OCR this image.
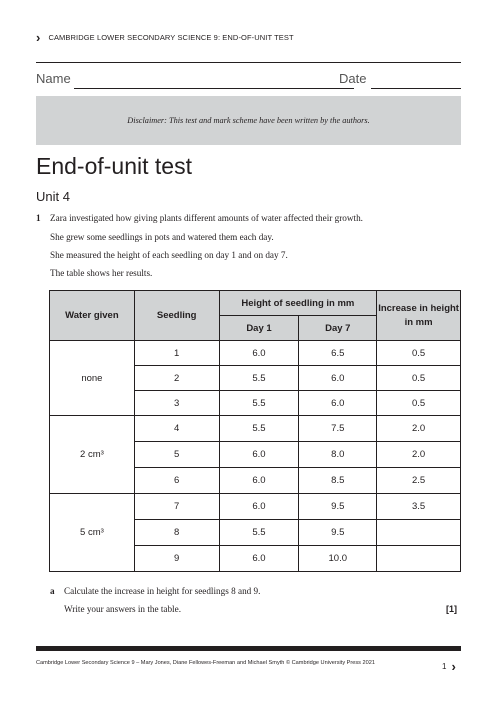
› CAMBRIDGE LOWER SECONDARY SCIENCE 9: END-OF-UNIT TEST
Name	Date
Disclaimer: This test and mark scheme have been written by the authors.
End-of-unit test
Unit 4
1 Zara investigated how giving plants different amounts of water affected their growth.
She grew some seedlings in pots and watered them each day.
She measured the height of each seedling on day 1 and on day 7.
The table shows her results.
Water given	Seedling	Height of seedling in mm		Increase in height in mm
		Day 1	Day 7	
none	1	6.0	6.5	0.5
	2	5.5	6.0	0.5
	3	5.5	6.0	0.5
2 cm³	4	5.5	7.5	2.0
	5	6.0	8.0	2.0
	6	6.0	8.5	2.5
5 cm³	7	6.0	9.5	3.5
	8	5.5	9.5	
	9	6.0	10.0	
a Calculate the increase in height for seedlings 8 and 9.
Write your answers in the table.	[1]
Cambridge Lower Secondary Science 9 – Mary Jones, Diane Fellowes-Freeman and Michael Smyth © Cambridge University Press 2021	1 ›
